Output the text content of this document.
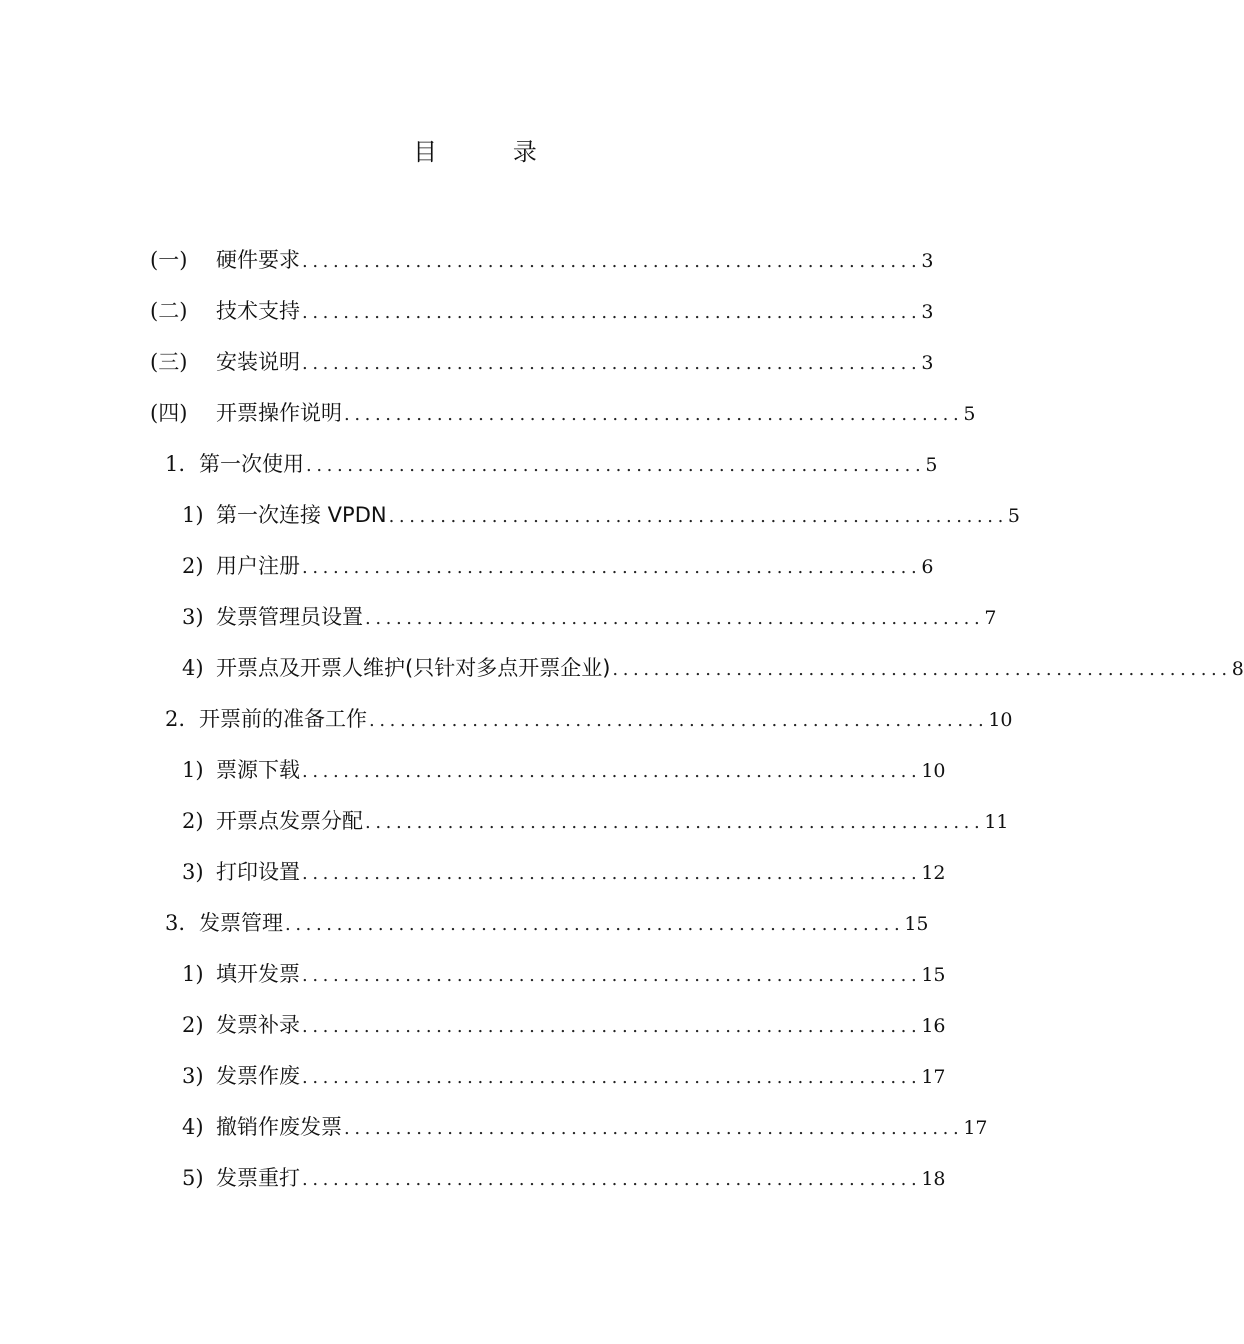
目	录
(一)	硬件要求 ............................................................ 3
(二)	技术支持 ............................................................ 3
(三)	安装说明 ............................................................ 3
(四)	开票操作说明 ............................................................ 5
1. 第一次使用 ............................................................ 5
1) 第一次连接 VPDN ............................................................ 5
2) 用户注册 ............................................................ 6
3) 发票管理员设置 ............................................................ 7
4) 开票点及开票人维护(只针对多点开票企业) ............................................................ 8
2. 开票前的准备工作 ............................................................ 10
1) 票源下载 ............................................................ 10
2) 开票点发票分配 ............................................................ 11
3) 打印设置 ............................................................ 12
3. 发票管理 ............................................................ 15
1) 填开发票 ............................................................ 15
2) 发票补录 ............................................................ 16
3) 发票作废 ............................................................ 17
4) 撤销作废发票 ............................................................ 17
5) 发票重打 ............................................................ 18
